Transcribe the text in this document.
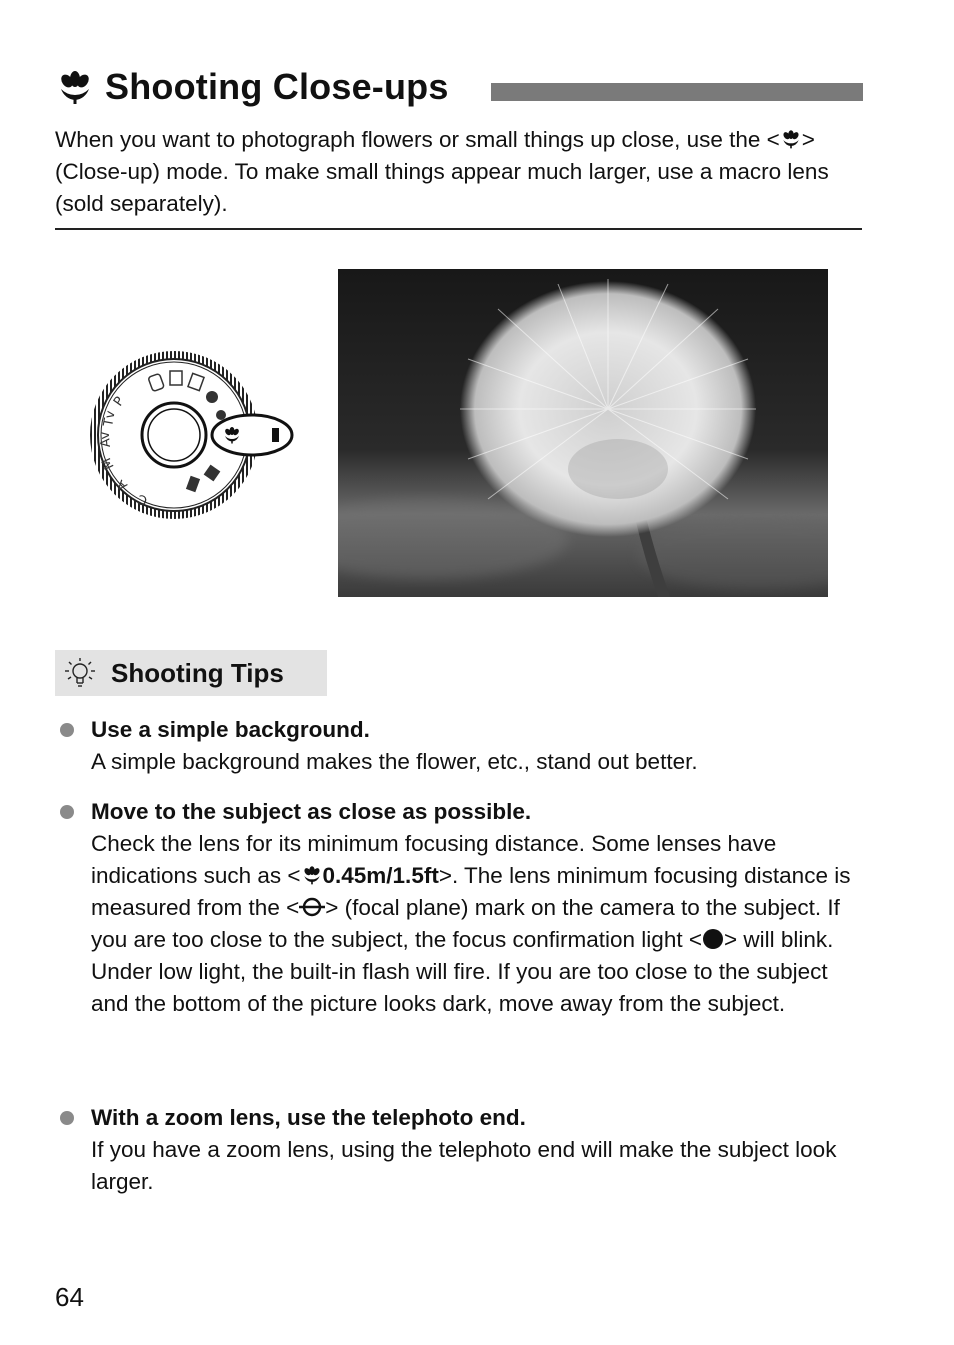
Shooting Close-ups
When you want to photograph flowers or small things up close, use the < > (Close-up) mode. To make small things appear much larger, use a macro lens (sold separately).
P
Tv
Av
M
A
C
Shooting Tips
Use a simple background.
A simple background makes the flower, etc., stand out better.
Move to the subject as close as possible.
Check the lens for its minimum focusing distance. Some lenses have indications such as < 0.45m/1.5ft>. The lens minimum focusing distance is measured from the < > (focal plane) mark on the camera to the subject. If you are too close to the subject, the focus confirmation light < > will blink.
Under low light, the built-in flash will fire. If you are too close to the subject and the bottom of the picture looks dark, move away from the subject.
With a zoom lens, use the telephoto end.
If you have a zoom lens, using the telephoto end will make the subject look larger.
64
